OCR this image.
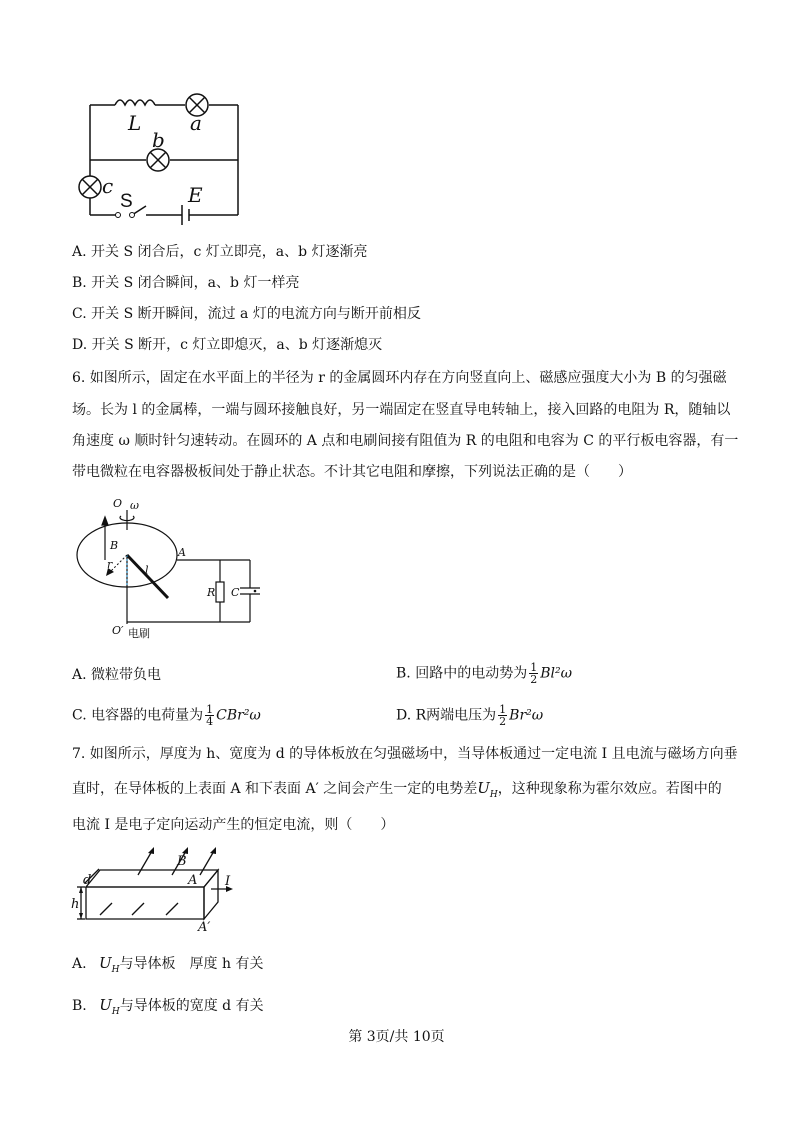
L a
b
c	E
S
A. 开关 S 闭合后，c 灯立即亮，a、b 灯逐渐亮
B. 开关 S 闭合瞬间，a、b 灯一样亮
C. 开关 S 断开瞬间，流过 a 灯的电流方向与断开前相反
D. 开关 S 断开，c 灯立即熄灭，a、b 灯逐渐熄灭
6. 如图所示，固定在水平面上的半径为 r 的金属圆环内存在方向竖直向上、磁感应强度大小为 B 的匀强磁
场。长为 l 的金属棒，一端与圆环接触良好，另一端固定在竖直导电转轴上，接入回路的电阻为 R，随轴以
角速度 ω 顺时针匀速转动。在圆环的 A 点和电刷间接有阻值为 R 的电阻和电容为 C 的平行板电容器，有一
带电微粒在电容器极板间处于静止状态。不计其它电阻和摩擦，下列说法正确的是（　　）
O ω
B
A
r	l
R C
O′ 电刷
A. 微粒带负电	B. 回路中的电动势为 $\frac{1}{2} Bl^2\omega$
C. 电容器的电荷量为 $\frac{1}{4} CBr^2\omega$	D. R两端电压为 $\frac{1}{2} Br^2\omega$
7. 如图所示，厚度为 h、宽度为 d 的导体板放在匀强磁场中，当导体板通过一定电流 I 且电流与磁场方向垂
直时，在导体板的上表面 A 和下表面 A′ 之间会产生一定的电势差$U_H$，这种现象称为霍尔效应。若图中的
电流 I 是电子定向运动产生的恒定电流，则（　　）
d
B
A I
h
A′
A. $U_H$与导体板　厚度 h 有关
B. $U_H$与导体板的宽度 d 有关
第 3页/共 10页
